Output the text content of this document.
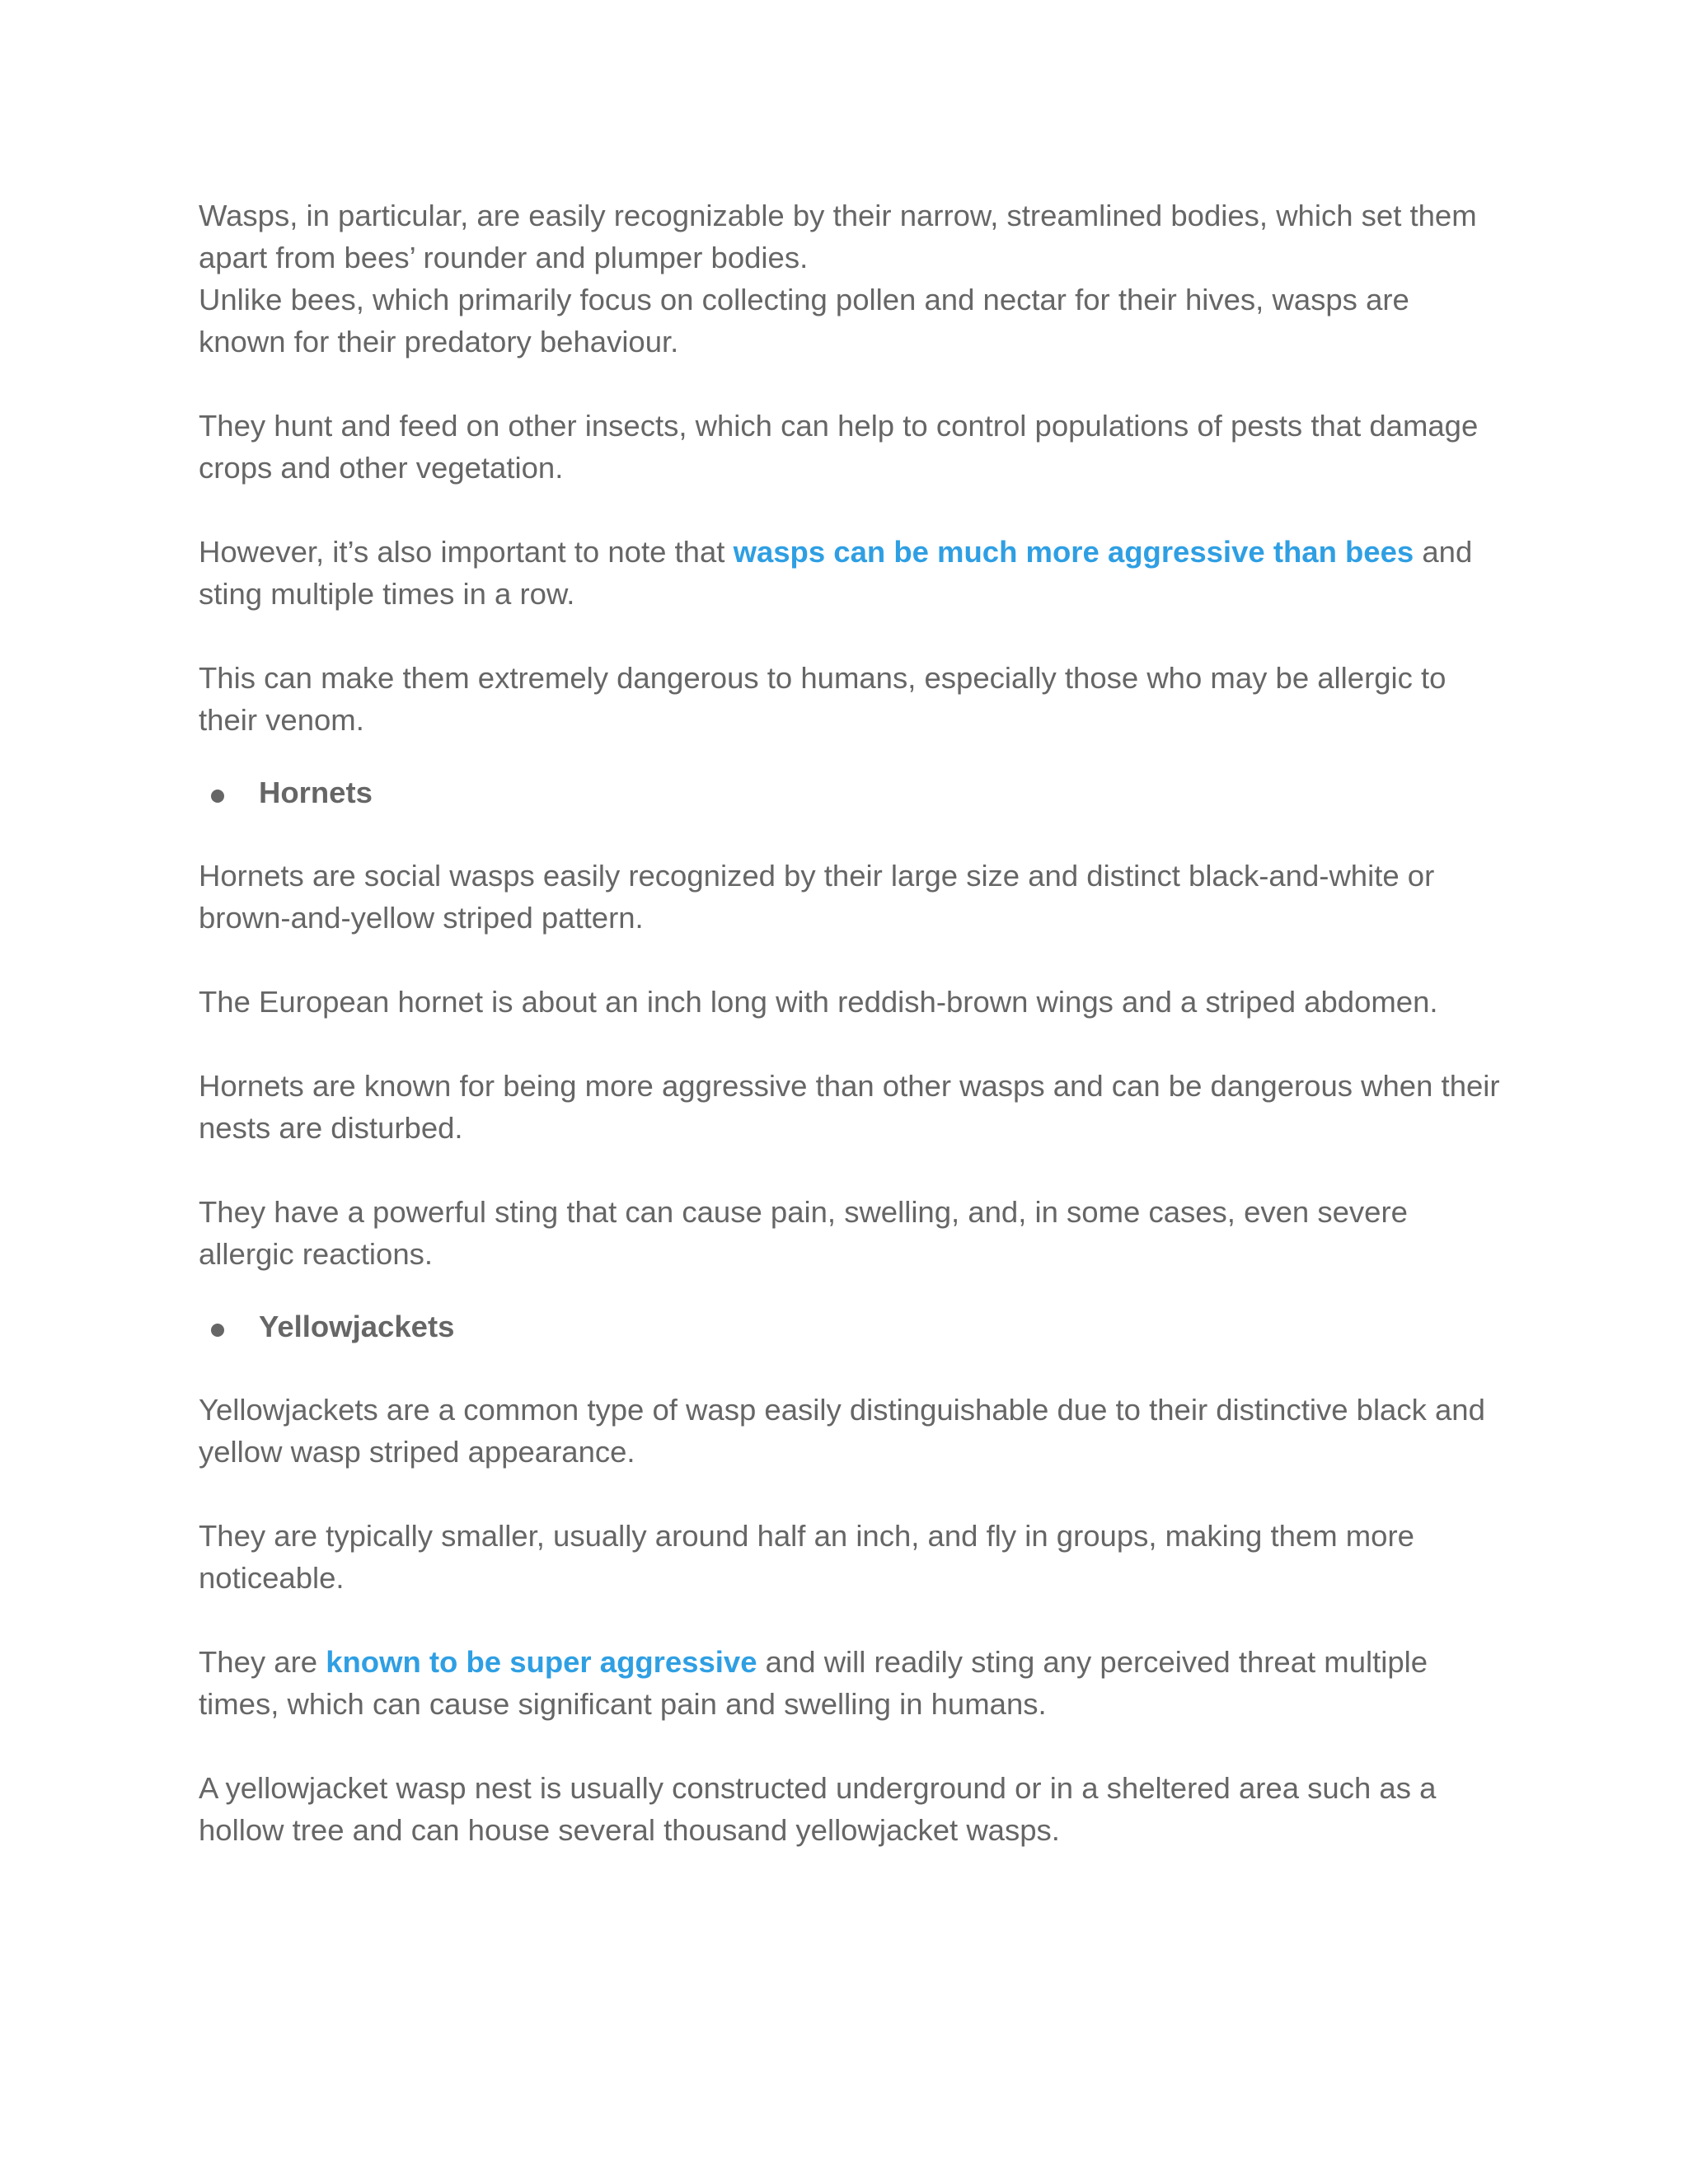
Wasps, in particular, are easily recognizable by their narrow, streamlined bodies, which set them apart from bees’ rounder and plumper bodies.

Unlike bees, which primarily focus on collecting pollen and nectar for their hives, wasps are known for their predatory behaviour.

They hunt and feed on other insects, which can help to control populations of pests that damage crops and other vegetation.

However, it’s also important to note that wasps can be much more aggressive than bees and sting multiple times in a row.

This can make them extremely dangerous to humans, especially those who may be allergic to their venom.

Hornets

Hornets are social wasps easily recognized by their large size and distinct black-and-white or brown-and-yellow striped pattern.

The European hornet is about an inch long with reddish-brown wings and a striped abdomen.

Hornets are known for being more aggressive than other wasps and can be dangerous when their nests are disturbed.

They have a powerful sting that can cause pain, swelling, and, in some cases, even severe allergic reactions.

Yellowjackets

Yellowjackets are a common type of wasp easily distinguishable due to their distinctive black and yellow wasp striped appearance.

They are typically smaller, usually around half an inch, and fly in groups, making them more noticeable.

They are known to be super aggressive and will readily sting any perceived threat multiple times, which can cause significant pain and swelling in humans.

A yellowjacket wasp nest is usually constructed underground or in a sheltered area such as a hollow tree and can house several thousand yellowjacket wasps.
